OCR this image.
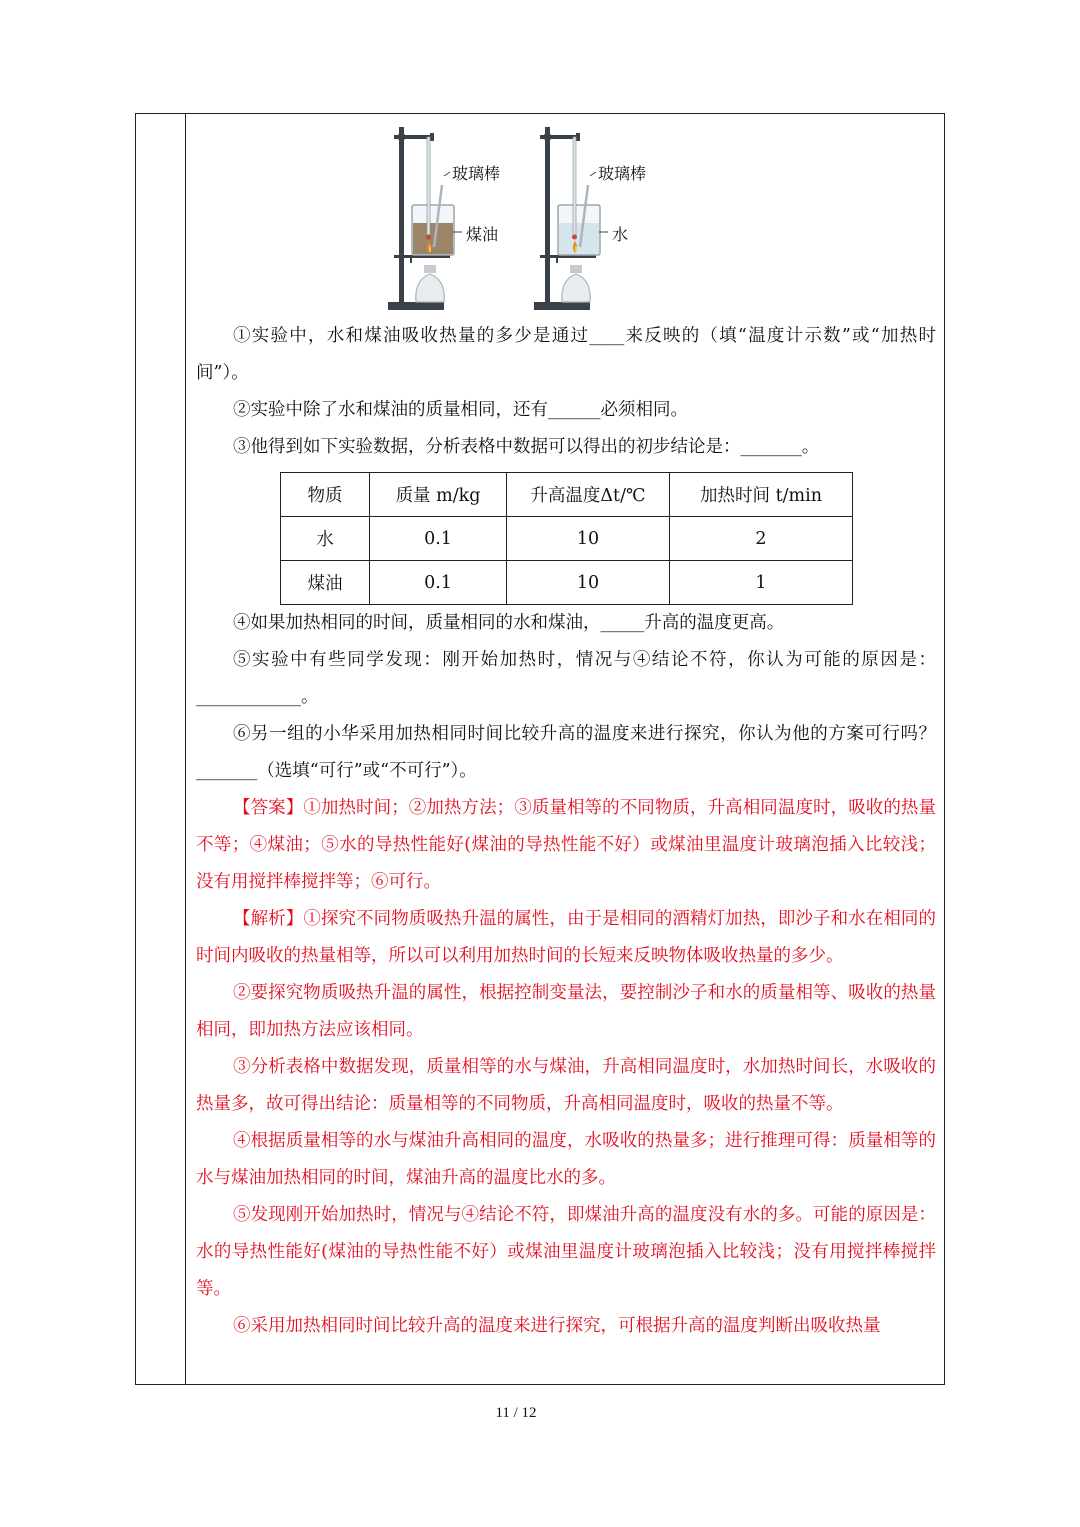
玻璃棒
煤油
玻璃棒
水

①实验中，水和煤油吸收热量的多少是通过____来反映的（填“温度计示数”或“加热时间”）。

②实验中除了水和煤油的质量相同，还有______必须相同。

③他得到如下实验数据，分析表格中数据可以得出的初步结论是：_______。

物质	质量 m/kg	升高温度Δt/℃	加热时间 t/min
水	0.1	10	2
煤油	0.1	10	1

④如果加热相同的时间，质量相同的水和煤油，_____升高的温度更高。

⑤实验中有些同学发现：刚开始加热时，情况与④结论不符，你认为可能的原因是：____________。

⑥另一组的小华采用加热相同时间比较升高的温度来进行探究，你认为他的方案可行吗？_______（选填“可行”或“不可行”）。

【答案】①加热时间；②加热方法；③质量相等的不同物质，升高相同温度时，吸收的热量不等；④煤油；⑤水的导热性能好(煤油的导热性能不好）或煤油里温度计玻璃泡插入比较浅；没有用搅拌棒搅拌等；⑥可行。

【解析】①探究不同物质吸热升温的属性，由于是相同的酒精灯加热，即沙子和水在相同的时间内吸收的热量相等，所以可以利用加热时间的长短来反映物体吸收热量的多少。

②要探究物质吸热升温的属性，根据控制变量法，要控制沙子和水的质量相等、吸收的热量相同，即加热方法应该相同。

③分析表格中数据发现，质量相等的水与煤油，升高相同温度时，水加热时间长，水吸收的热量多，故可得出结论：质量相等的不同物质，升高相同温度时，吸收的热量不等。

④根据质量相等的水与煤油升高相同的温度，水吸收的热量多；进行推理可得：质量相等的水与煤油加热相同的时间，煤油升高的温度比水的多。

⑤发现刚开始加热时，情况与④结论不符，即煤油升高的温度没有水的多。可能的原因是：水的导热性能好(煤油的导热性能不好）或煤油里温度计玻璃泡插入比较浅；没有用搅拌棒搅拌等。

⑥采用加热相同时间比较升高的温度来进行探究，可根据升高的温度判断出吸收热量

11 / 12
